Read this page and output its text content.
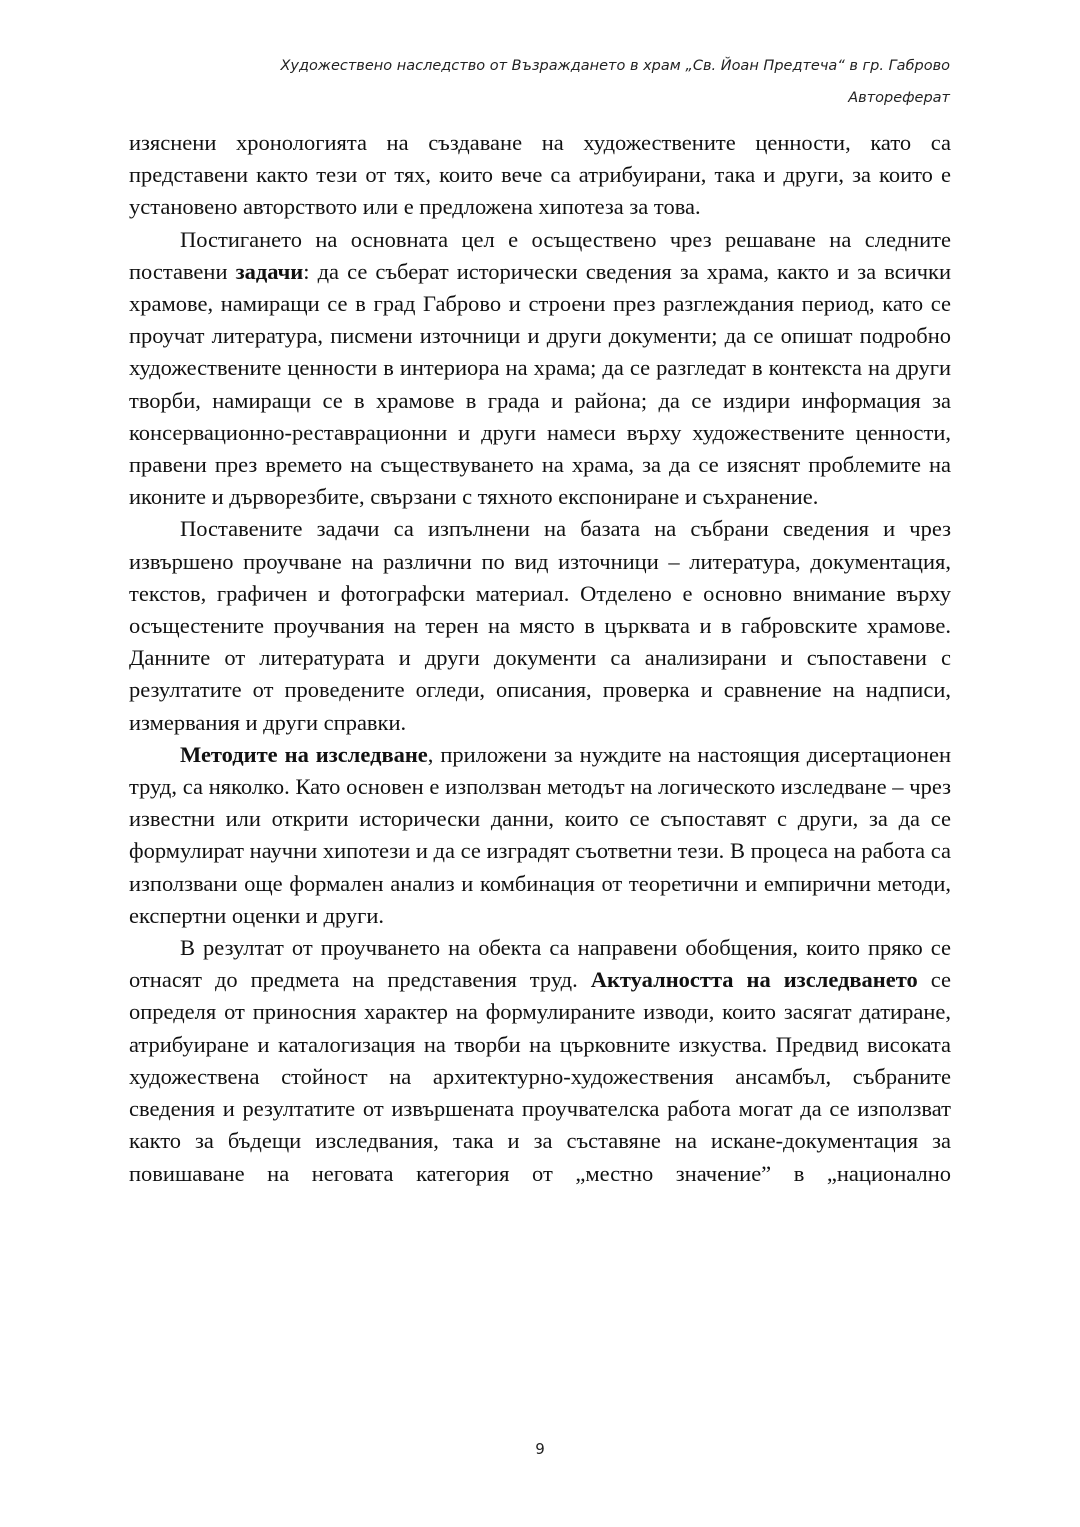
Художествено наследство от Възраждането в храм „Св. Йоан Предтеча“ в гр. Габрово
Автореферат

изяснени хронологията на създаване на художествените ценности, като са представени както тези от тях, които вече са атрибуирани, така и други, за които е установено авторството или е предложена хипотеза за това.

Постигането на основната цел е осъществено чрез решаване на следните поставени задачи: да се съберат исторически сведения за храма, както и за всички храмове, намиращи се в град Габрово и строени през разглеждания период, като се проучат литература, писмени източници и други документи; да се опишат подробно художествените ценности в интериора на храма; да се разгледат в контекста на други творби, намиращи се в храмове в града и района; да се издири информация за консервационно-реставрационни и други намеси върху художествените ценности, правени през времето на съществуването на храма, за да се изяснят проблемите на иконите и дърворезбите, свързани с тяхното експониране и съхранение.

Поставените задачи са изпълнени на базата на събрани сведения и чрез извършено проучване на различни по вид източници – литература, документация, текстов, графичен и фотографски материал. Отделено е основно внимание върху осъщестените проучвания на терен на място в църквата и в габровските храмове. Данните от литературата и други документи са анализирани и съпоставени с резултатите от проведените огледи, описания, проверка и сравнение на надписи, измервания и други справки.

Методите на изследване, приложени за нуждите на настоящия дисертационен труд, са няколко. Като основен е използван методът на логическото изследване – чрез известни или открити исторически данни, които се съпоставят с други, за да се формулират научни хипотези и да се изградят съответни тези. В процеса на работа са използвани още формален анализ и комбинация от теоретични и емпирични методи, експертни оценки и други.

В резултат от проучването на обекта са направени обобщения, които пряко се отнасят до предмета на представения труд. Актуалността на изследването се определя от приносния характер на формулираните изводи, които засягат датиране, атрибуиране и каталогизация на творби на църковните изкуства. Предвид високата художествена стойност на архитектурно-художествения ансамбъл, събраните сведения и резултатите от извършената проучвателска работа могат да се използват както за бъдещи изследвания, така и за съставяне на искане-документация за повишаване на неговата категория от „местно значение” в „национално

9
